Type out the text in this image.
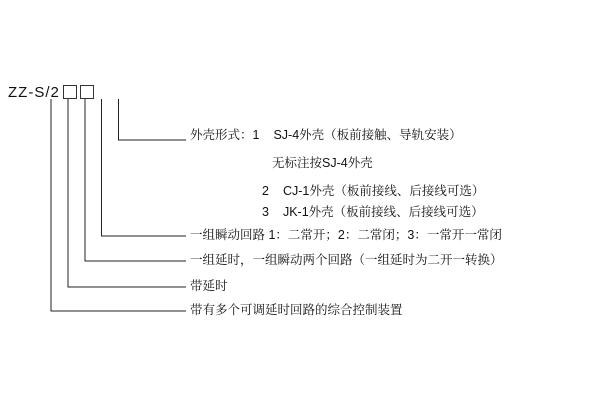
ZZ-S/2
外壳形式：1 SJ-4外壳（板前接触、导轨安装）
无标注按SJ-4外壳
2 CJ-1外壳（板前接线、后接线可选）
3 JK-1外壳（板前接线、后接线可选）
一组瞬动回路 1：二常开；2：二常闭；3：一常开一常闭
一组延时，一组瞬动两个回路（一组延时为二开一转换）
带延时
带有多个可调延时回路的综合控制装置
